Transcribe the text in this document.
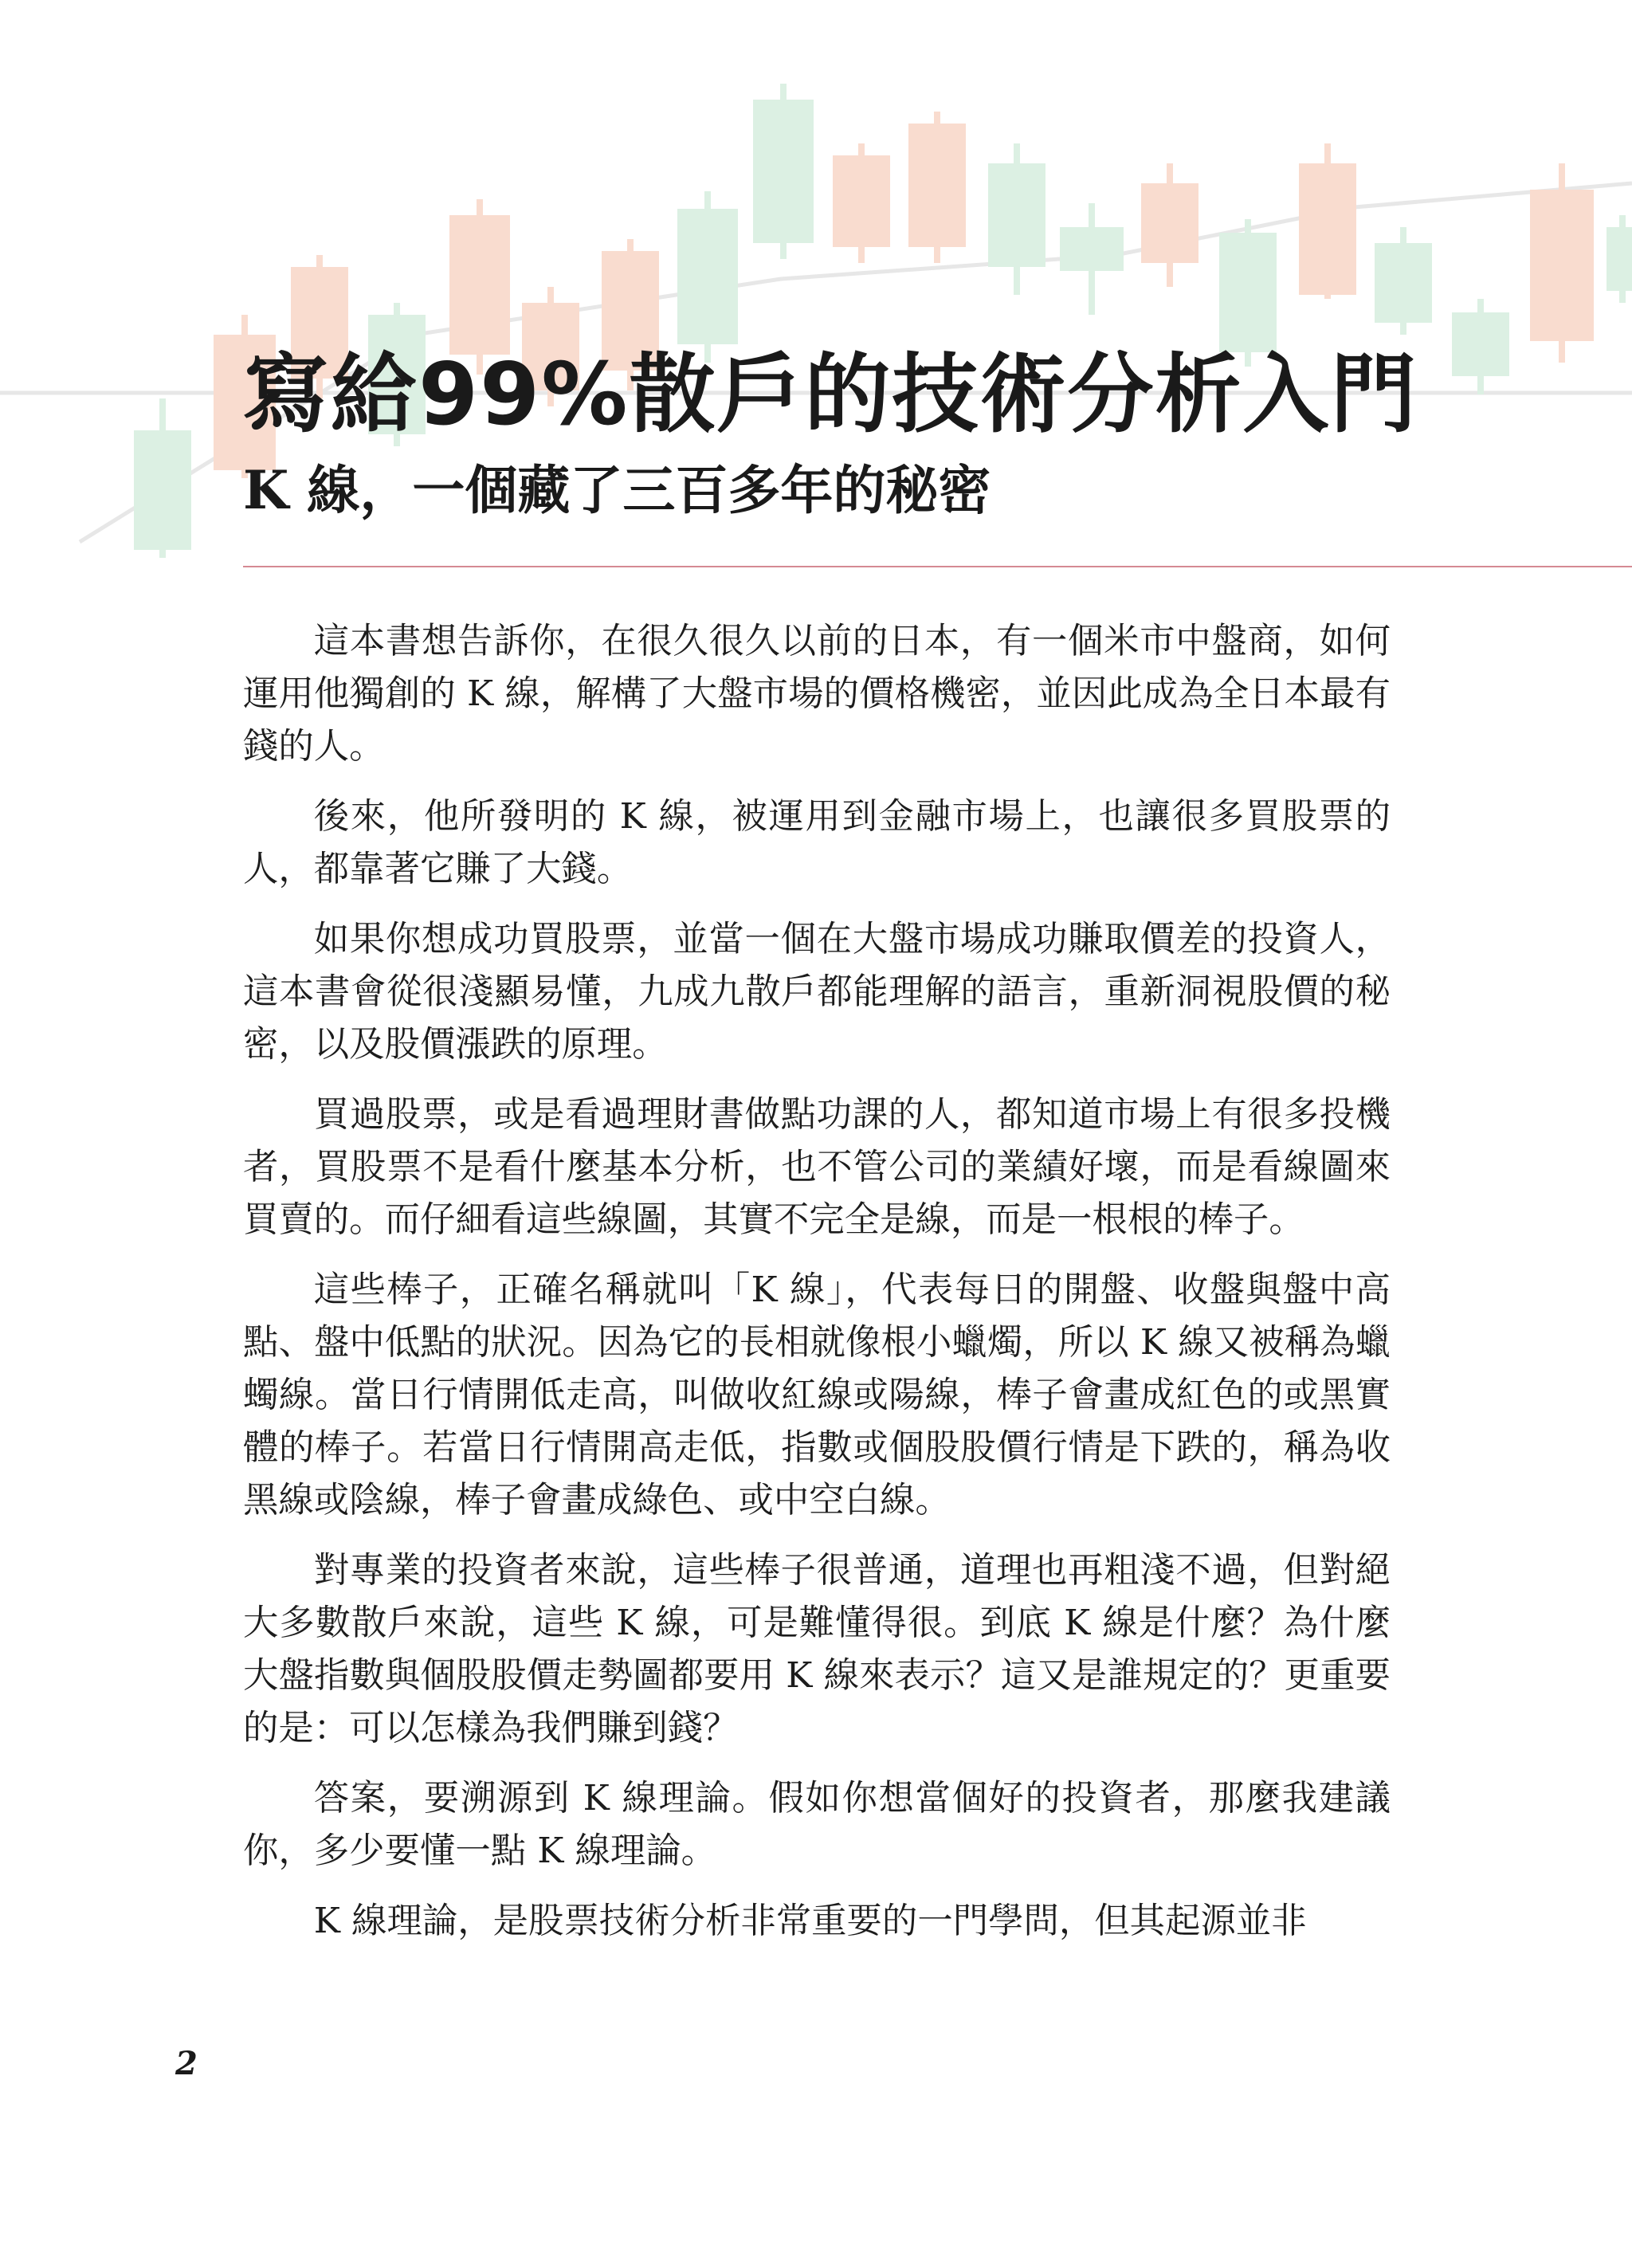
寫給99%散戶的技術分析入門
K 線，一個藏了三百多年的秘密

這本書想告訴你，在很久很久以前的日本，有一個米市中盤商，如何運用他獨創的 K 線，解構了大盤市場的價格機密，並因此成為全日本最有錢的人。

後來，他所發明的 K 線，被運用到金融市場上，也讓很多買股票的人，都靠著它賺了大錢。

如果你想成功買股票，並當一個在大盤市場成功賺取價差的投資人，這本書會從很淺顯易懂，九成九散戶都能理解的語言，重新洞視股價的秘密，以及股價漲跌的原理。

買過股票，或是看過理財書做點功課的人，都知道市場上有很多投機者，買股票不是看什麼基本分析，也不管公司的業績好壞，而是看線圖來買賣的。而仔細看這些線圖，其實不完全是線，而是一根根的棒子。

這些棒子，正確名稱就叫「K 線」，代表每日的開盤、收盤與盤中高點、盤中低點的狀況。因為它的長相就像根小蠟燭，所以 K 線又被稱為蠟蠋線。當日行情開低走高，叫做收紅線或陽線，棒子會畫成紅色的或黑實體的棒子。若當日行情開高走低，指數或個股股價行情是下跌的，稱為收黑線或陰線，棒子會畫成綠色、或中空白線。

對專業的投資者來說，這些棒子很普通，道理也再粗淺不過，但對絕大多數散戶來說，這些 K 線，可是難懂得很。到底 K 線是什麼？為什麼大盤指數與個股股價走勢圖都要用 K 線來表示？這又是誰規定的？更重要的是：可以怎樣為我們賺到錢？

答案，要溯源到 K 線理論。假如你想當個好的投資者，那麼我建議你，多少要懂一點 K 線理論。

K 線理論，是股票技術分析非常重要的一門學問，但其起源並非

2
